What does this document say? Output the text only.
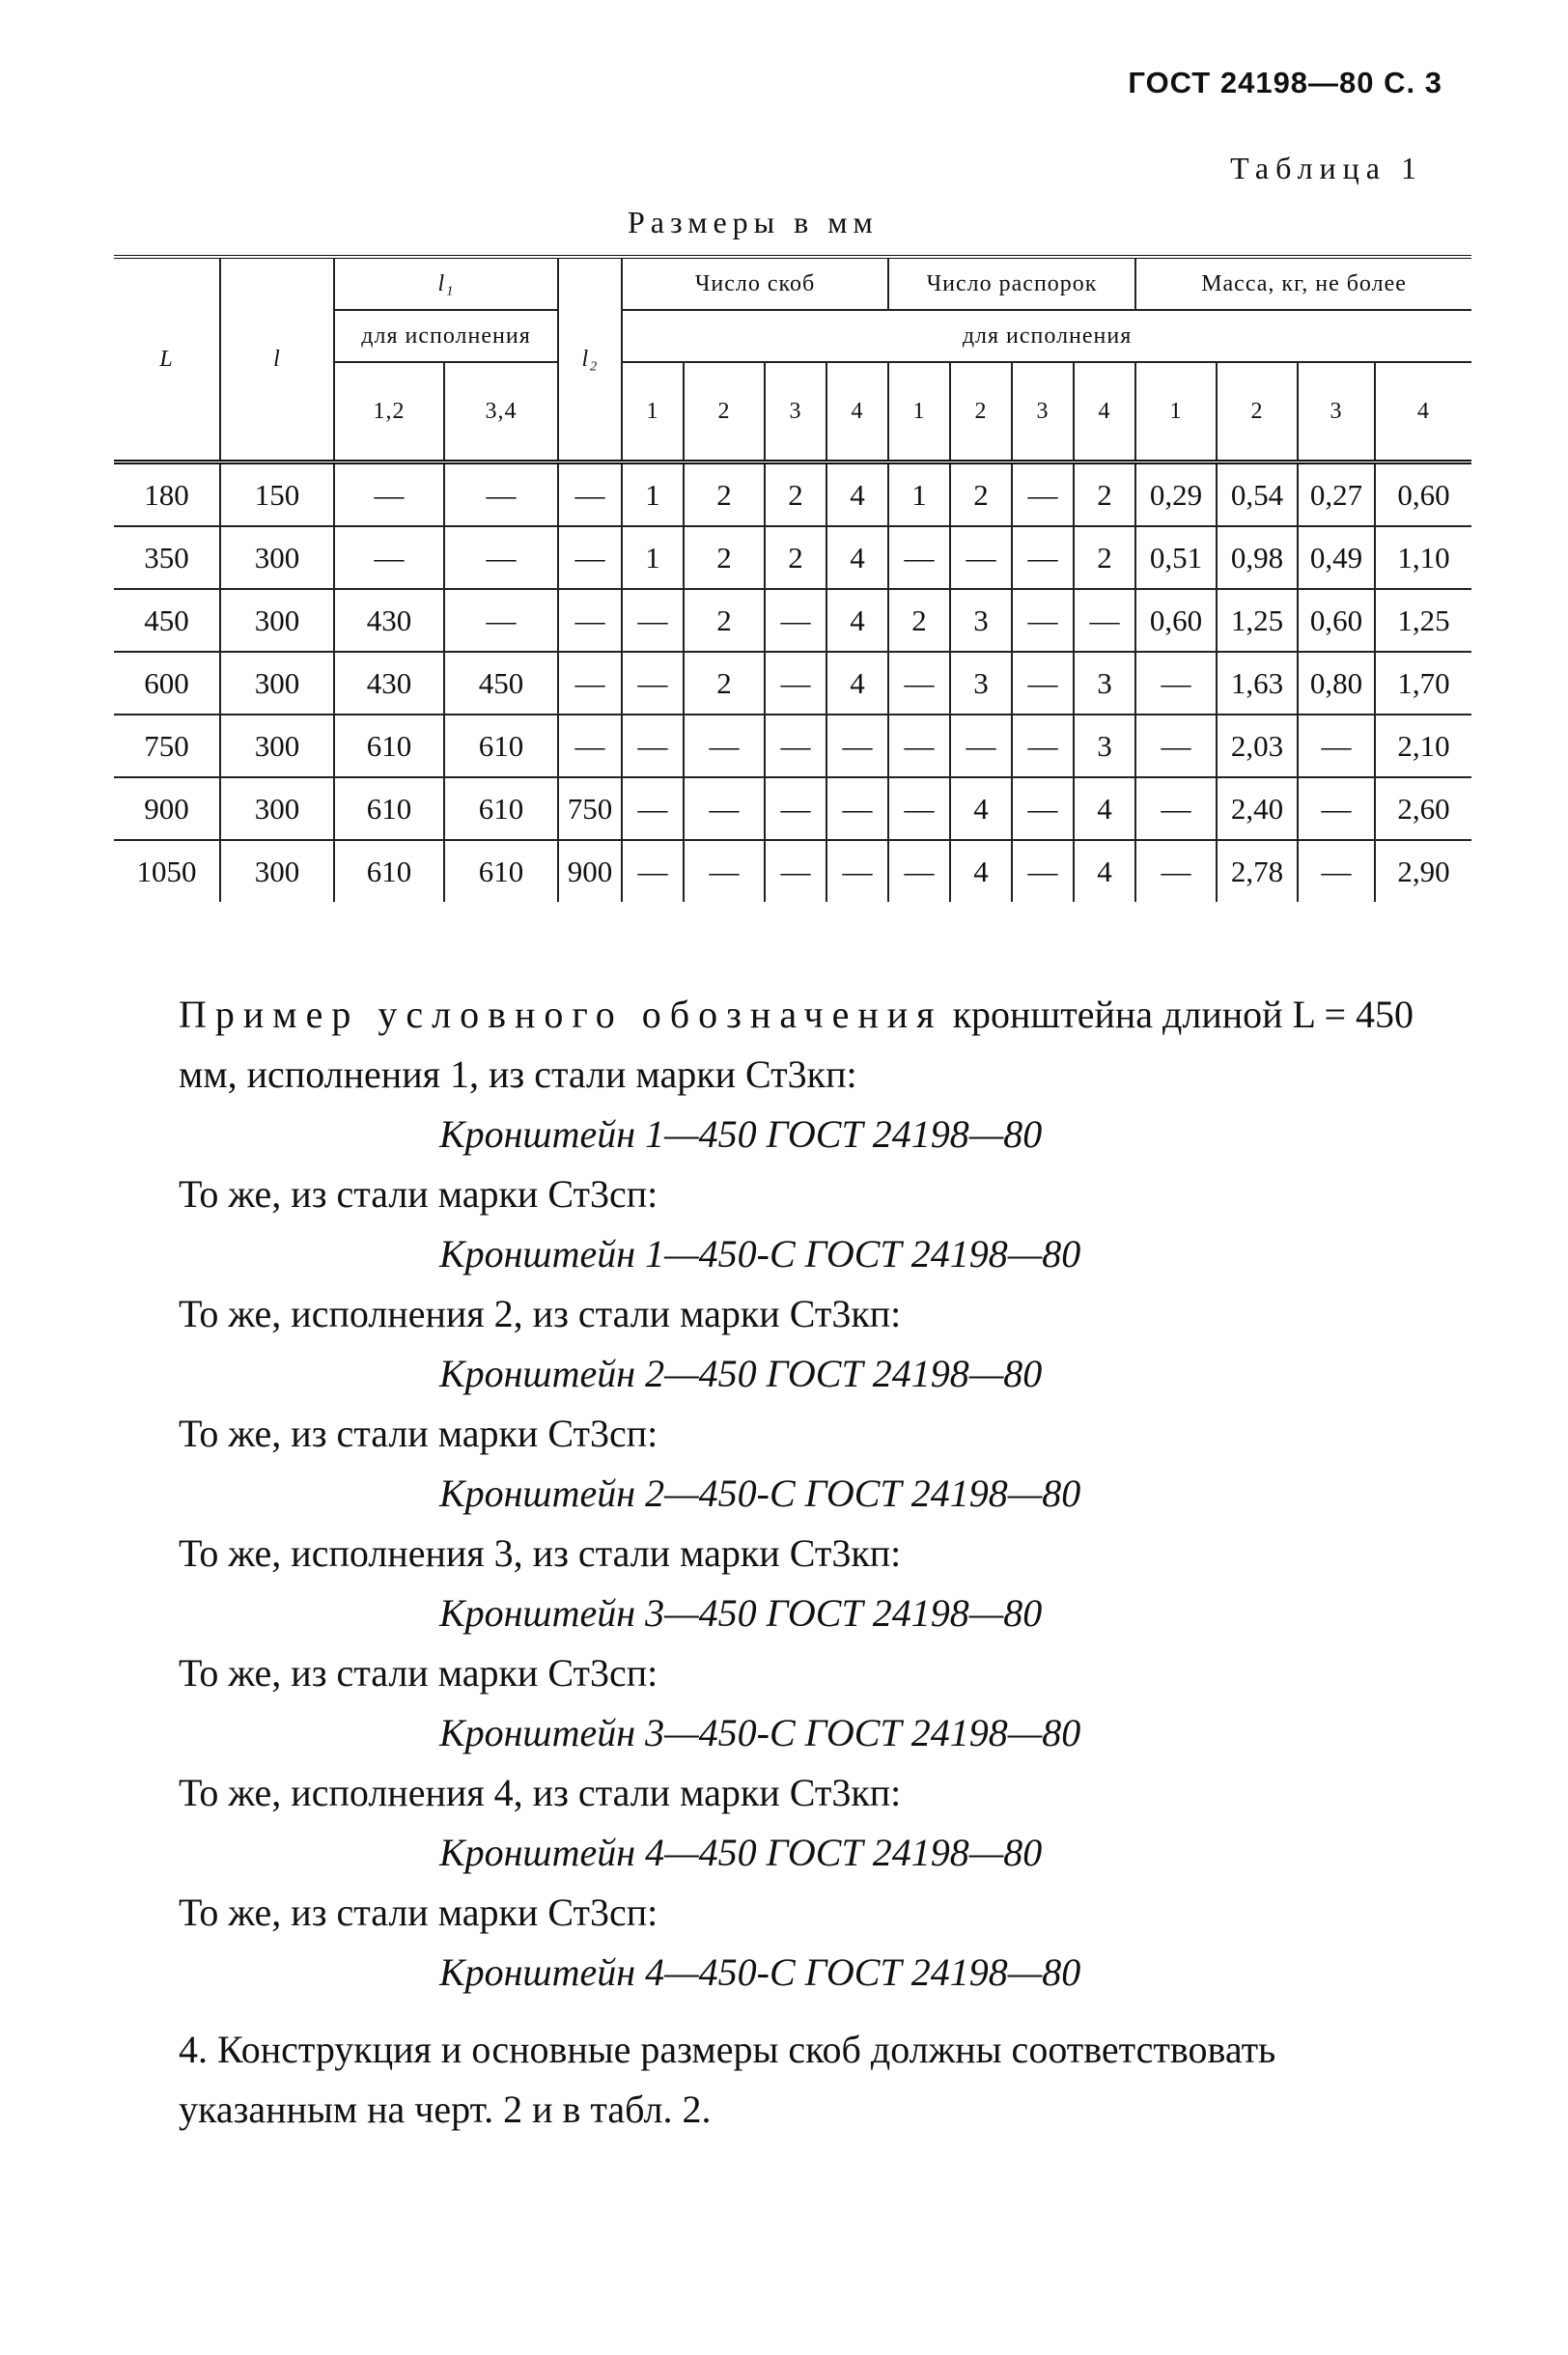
ГОСТ 24198—80 С. 3
Таблица 1
Размеры в мм
L	l	l₁		l₂	Число скоб				Число распорок				Масса, кг, не более			
		для исполнения			для исполнения											
		1,2	3,4		1	2	3	4	1	2	3	4	1	2	3	4
180	150	—	—	—	1	2	2	4	1	2	—	2	0,29	0,54	0,27	0,60
350	300	—	—	—	1	2	2	4	—	—	—	2	0,51	0,98	0,49	1,10
450	300	430	—	—	—	2	—	4	2	3	—	—	0,60	1,25	0,60	1,25
600	300	430	450	—	—	2	—	4	—	3	—	3	—	1,63	0,80	1,70
750	300	610	610	—	—	—	—	—	—	—	—	3	—	2,03	—	2,10
900	300	610	610	750	—	—	—	—	—	4	—	4	—	2,40	—	2,60
1050	300	610	610	900	—	—	—	—	—	4	—	4	—	2,78	—	2,90

Пример условного обозначения кронштейна длиной L = 450 мм, исполнения 1, из стали марки Ст3кп:

Кронштейн 1—450 ГОСТ 24198—80

То же, из стали марки Ст3сп:

Кронштейн 1—450-С ГОСТ 24198—80

То же, исполнения 2, из стали марки Ст3кп:

Кронштейн 2—450 ГОСТ 24198—80

То же, из стали марки Ст3сп:

Кронштейн 2—450-С ГОСТ 24198—80

То же, исполнения 3, из стали марки Ст3кп:

Кронштейн 3—450 ГОСТ 24198—80

То же, из стали марки Ст3сп:

Кронштейн 3—450-С ГОСТ 24198—80

То же, исполнения 4, из стали марки Ст3кп:

Кронштейн 4—450 ГОСТ 24198—80

То же, из стали марки Ст3сп:

Кронштейн 4—450-С ГОСТ 24198—80

4. Конструкция и основные размеры скоб должны соответствовать указанным на черт. 2 и в табл. 2.
